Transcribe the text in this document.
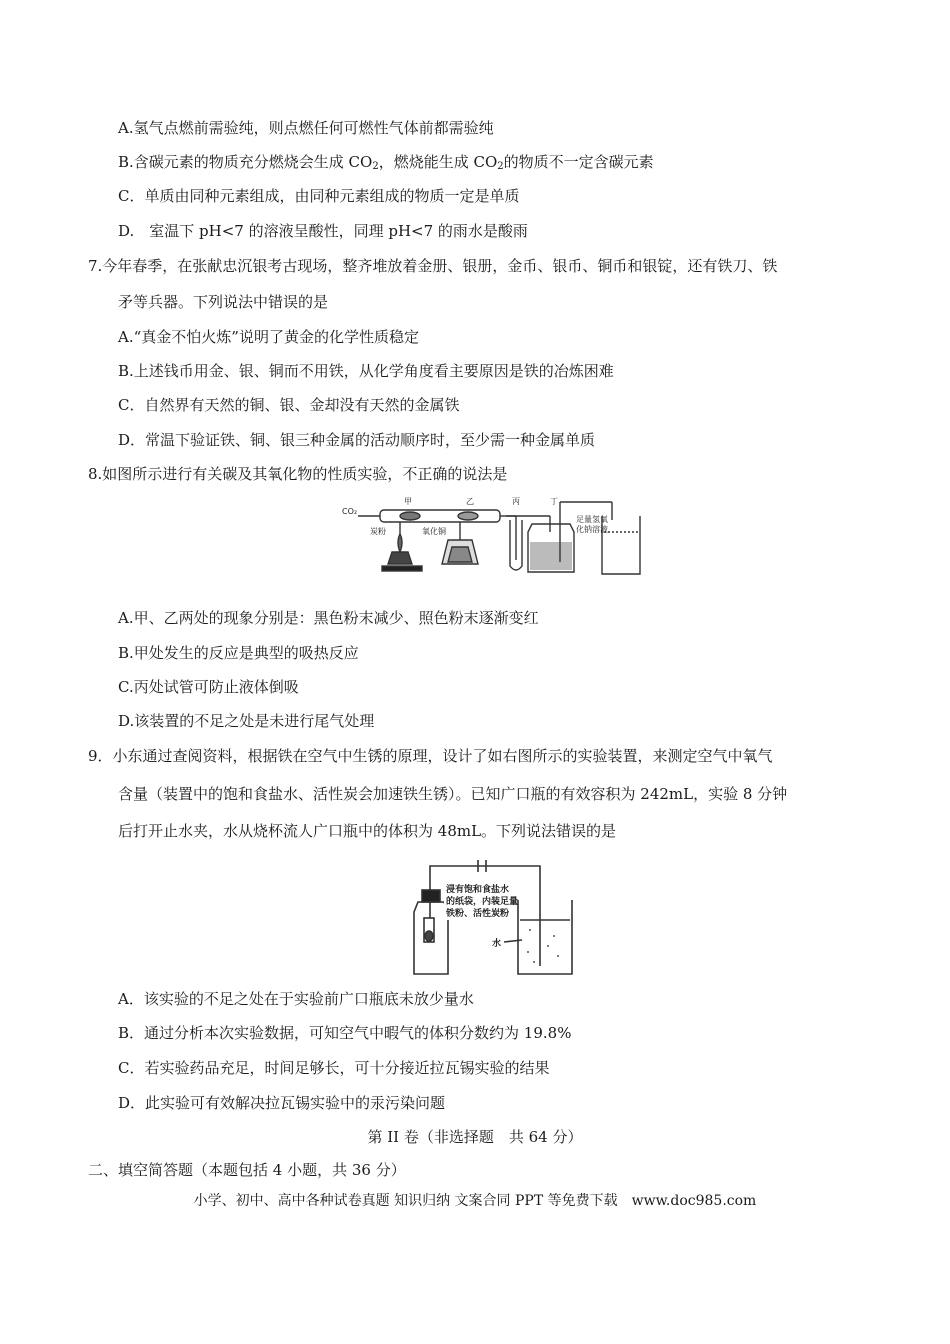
A.氢气点燃前需验纯，则点燃任何可燃性气体前都需验纯
B.含碳元素的物质充分燃烧会生成 $CO_2$，燃烧能生成 $CO_2$的物质不一定含碳元素
C．单质由同种元素组成，由同种元素组成的物质一定是单质
D.　室温下 pH<7 的溶液呈酸性，同理 pH<7 的雨水是酸雨
7.今年春季，在张献忠沉银考古现场，整齐堆放着金册、银册，金币、银币、铜币和银锭，还有铁刀、铁
矛等兵器。下列说法中错误的是
A.“真金不怕火炼”说明了黄金的化学性质稳定
B.上述钱币用金、银、铜而不用铁，从化学角度看主要原因是铁的冶炼困难
C．自然界有天然的铜、银、金却没有天然的金属铁
D．常温下验证铁、铜、银三种金属的活动顺序时，至少需一种金属单质
8.如图所示进行有关碳及其氧化物的性质实验，不正确的说法是
CO₂
甲	乙	丙	丁
炭粉	氧化铜
足量氢氧
化钠溶液
A.甲、乙两处的现象分别是：黑色粉末减少、照色粉末逐渐变红
B.甲处发生的反应是典型的吸热反应
C.丙处试管可防止液体倒吸
D.该装置的不足之处是未进行尾气处理
9．小东通过查阅资料，根据铁在空气中生锈的原理，设计了如右图所示的实验装置，来测定空气中氧气
含量（装置中的饱和食盐水、活性炭会加速铁生锈）。已知广口瓶的有效容积为 242mL，实验 8 分钟
后打开止水夹，水从烧杯流人广口瓶中的体积为 48mL。下列说法错误的是
浸有饱和食盐水
的纸袋，内装足量
铁粉、活性炭粉
水
A．该实验的不足之处在于实验前广口瓶底未放少量水
B．通过分析本次实验数据，可知空气中暇气的体积分数约为 19.8%
C．若实验药品充足，时间足够长，可十分接近拉瓦锡实验的结果
D．此实验可有效解决拉瓦锡实验中的汞污染问题
第 II 卷（非选择题　共 64 分）
二、填空简答题（本题包括 4 小题，共 36 分）
小学、初中、高中各种试卷真题 知识归纳 文案合同 PPT 等免费下载　www.doc985.com
